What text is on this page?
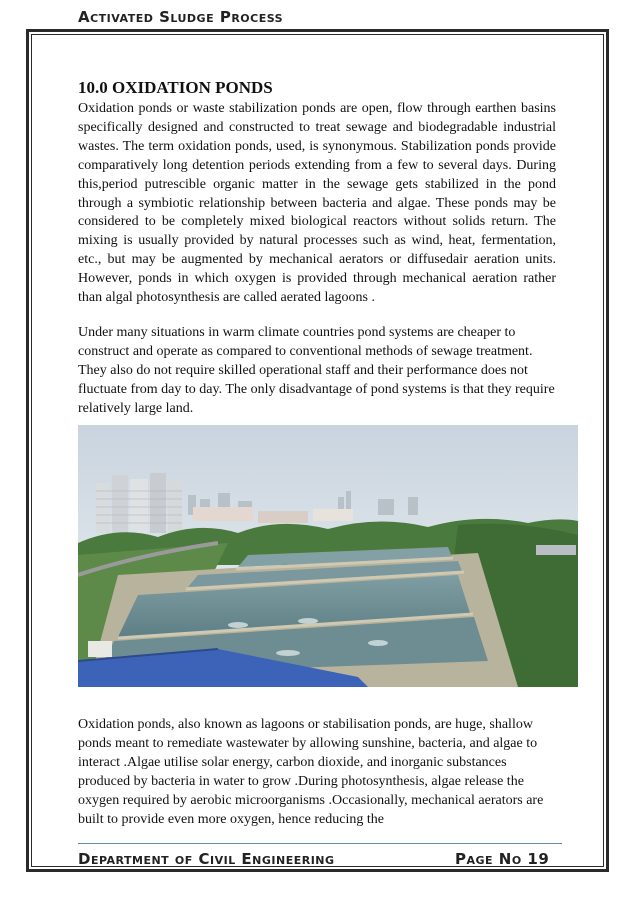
Activated Sludge Process
10.0 OXIDATION PONDS

Oxidation ponds or waste stabilization ponds are open, flow through earthen basins specifically designed and constructed to treat sewage and biodegradable industrial wastes. The term oxidation ponds, used, is synonymous. Stabilization ponds provide comparatively long detention periods extending from a few to several days. During this,period putrescible organic matter in the sewage gets stabilized in the pond through a symbiotic relationship between bacteria and algae. These ponds may be considered to be completely mixed biological reactors without solids return. The mixing is usually provided by natural processes such as wind, heat, fermentation, etc., but may be augmented by mechanical aerators or diffusedair aeration units. However, ponds in which oxygen is provided through mechanical aeration rather than algal photosynthesis are called aerated lagoons .

Under many situations in warm climate countries pond systems are cheaper to construct and operate as compared to conventional methods of sewage treatment. They also do not require skilled operational staff and their performance does not fluctuate from day to day. The only disadvantage of pond systems is that they require relatively large land.

Oxidation ponds, also known as lagoons or stabilisation ponds, are huge, shallow ponds meant to remediate wastewater by allowing sunshine, bacteria, and algae to interact .Algae utilise solar energy, carbon dioxide, and inorganic substances produced by bacteria in water to grow .During photosynthesis, algae release the oxygen required by aerobic microorganisms .Occasionally, mechanical aerators are built to provide even more oxygen, hence reducing the

Department of Civil Engineering	Page No 19
